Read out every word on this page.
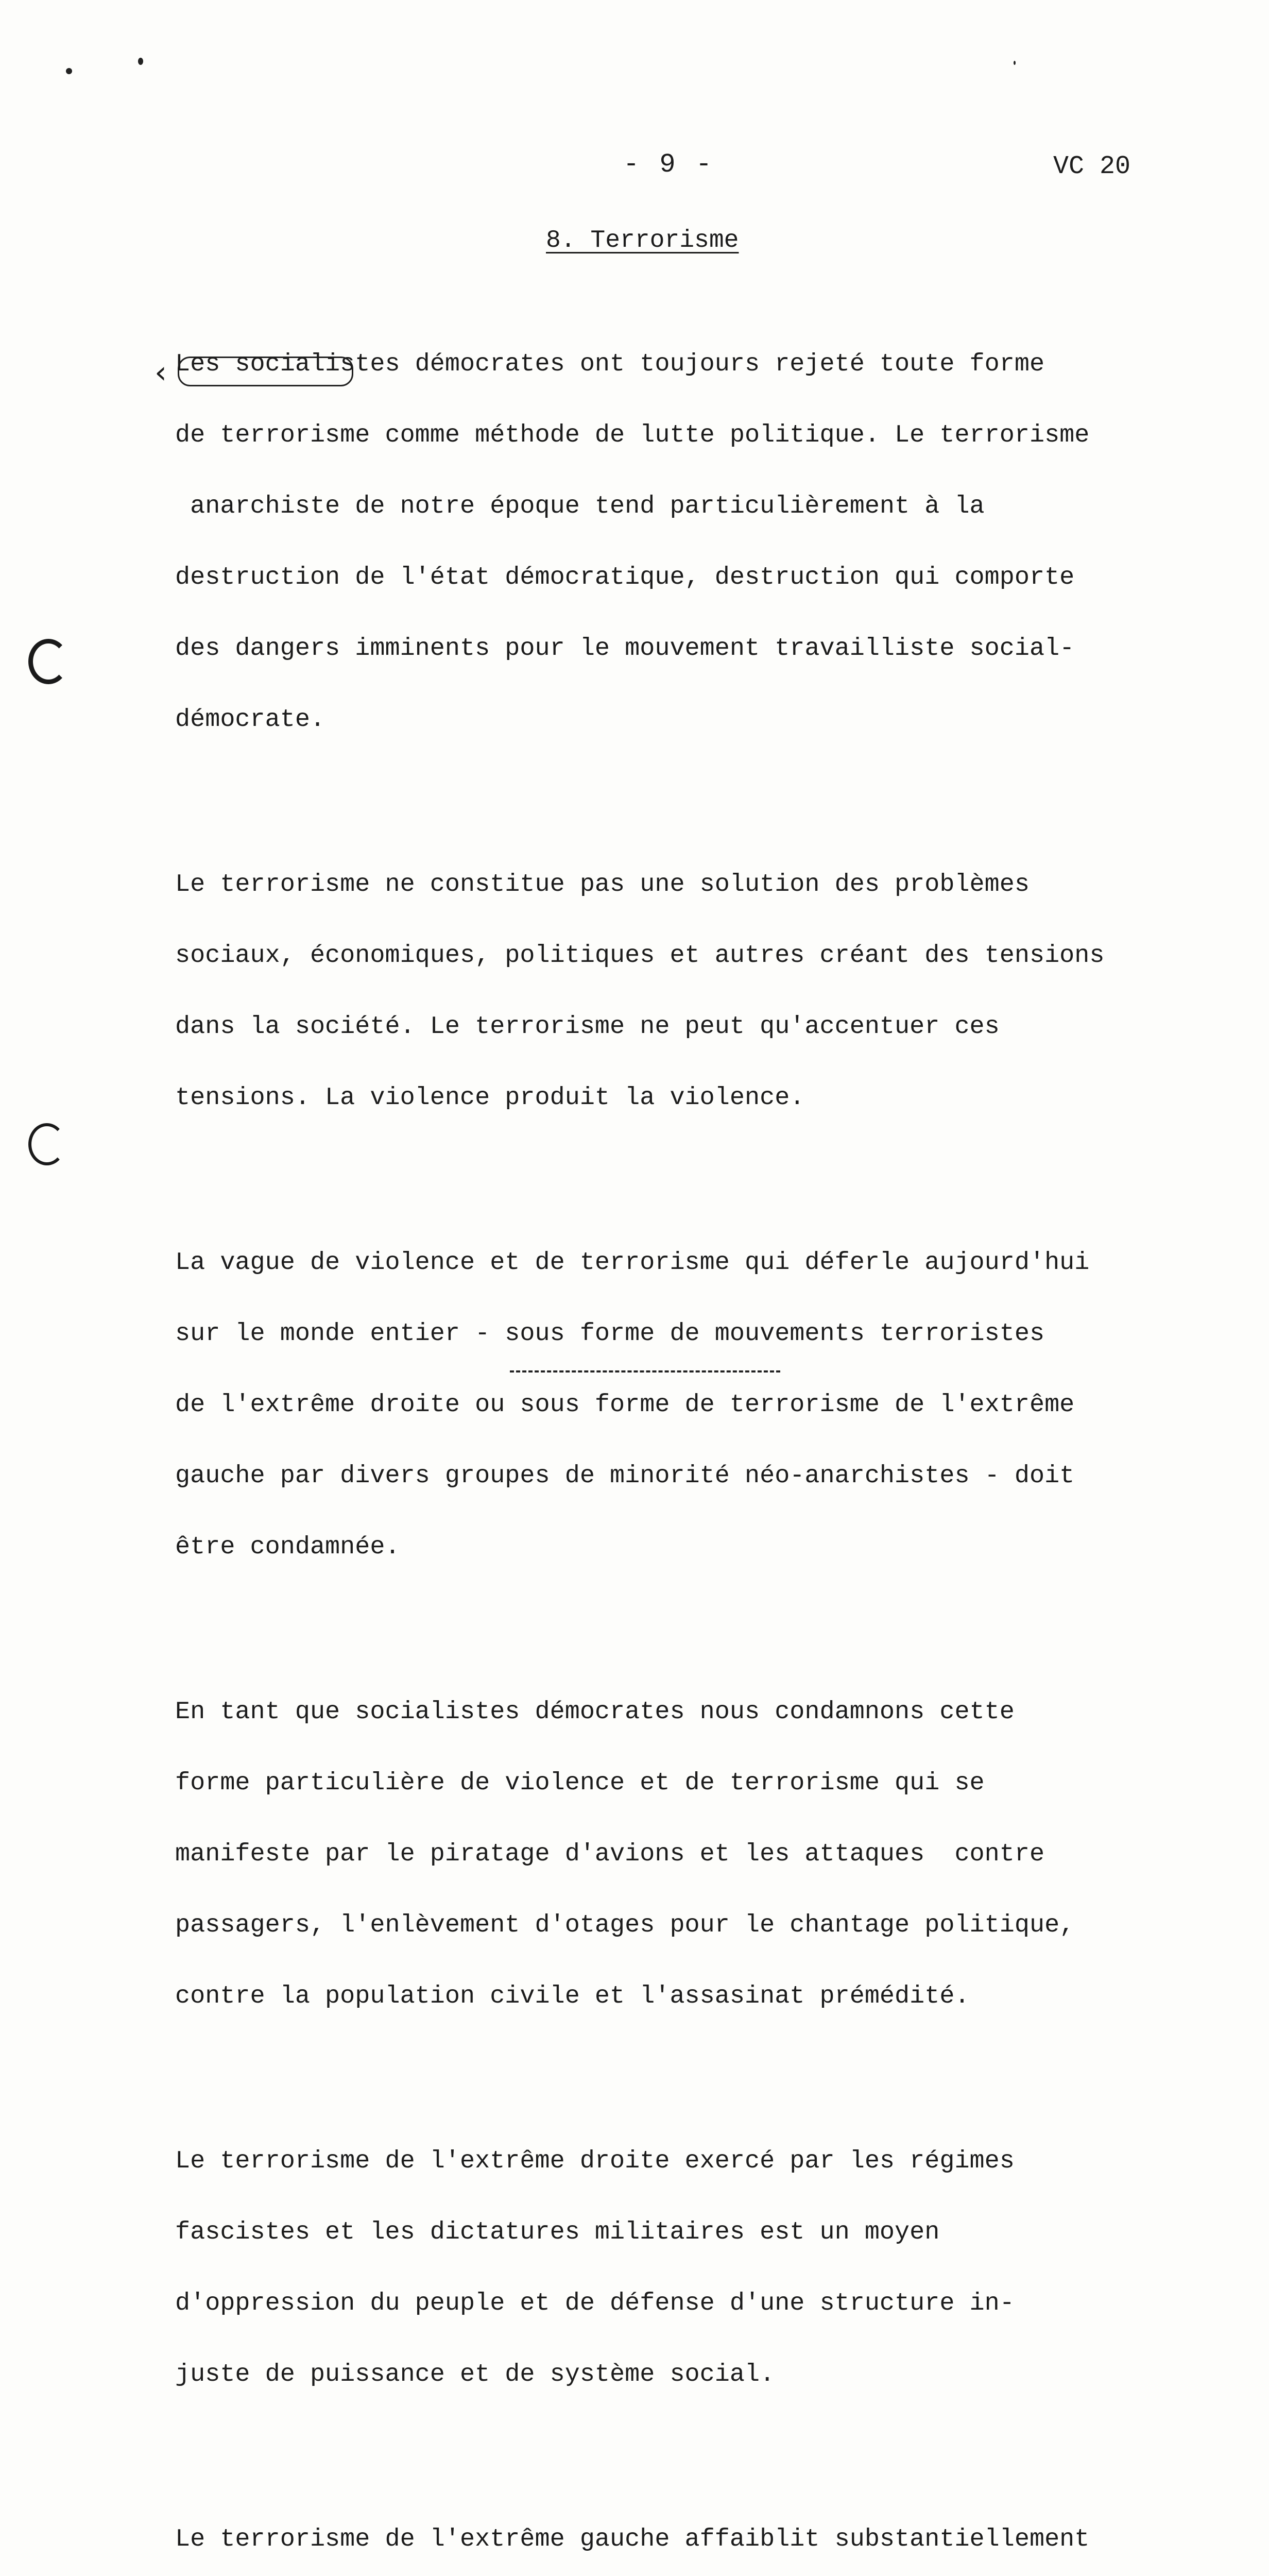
- 9 -	VC 20
8. Terrorisme
‹

Les socialistes démocrates ont toujours rejeté toute forme

de terrorisme comme méthode de lutte politique. Le terrorisme

anarchiste de notre époque tend particulièrement à la

destruction de l'état démocratique, destruction qui comporte

des dangers imminents pour le mouvement travailliste social-

démocrate.

Le terrorisme ne constitue pas une solution des problèmes

sociaux, économiques, politiques et autres créant des tensions

dans la société. Le terrorisme ne peut qu'accentuer ces

tensions. La violence produit la violence.

La vague de violence et de terrorisme qui déferle aujourd'hui

sur le monde entier - sous forme de mouvements terroristes

de l'extrême droite ou sous forme de terrorisme de l'extrême

gauche par divers groupes de minorité néo-anarchistes - doit

être condamnée.

En tant que socialistes démocrates nous condamnons cette

forme particulière de violence et de terrorisme qui se

manifeste par le piratage d'avions et les attaques  contre

passagers, l'enlèvement d'otages pour le chantage politique,

contre la population civile et l'assasinat prémédité.

Le terrorisme de l'extrême droite exercé par les régimes

fascistes et les dictatures militaires est un moyen

d'oppression du peuple et de défense d'une structure in-

juste de puissance et de système social.

Le terrorisme de l'extrême gauche affaiblit substantiellement
